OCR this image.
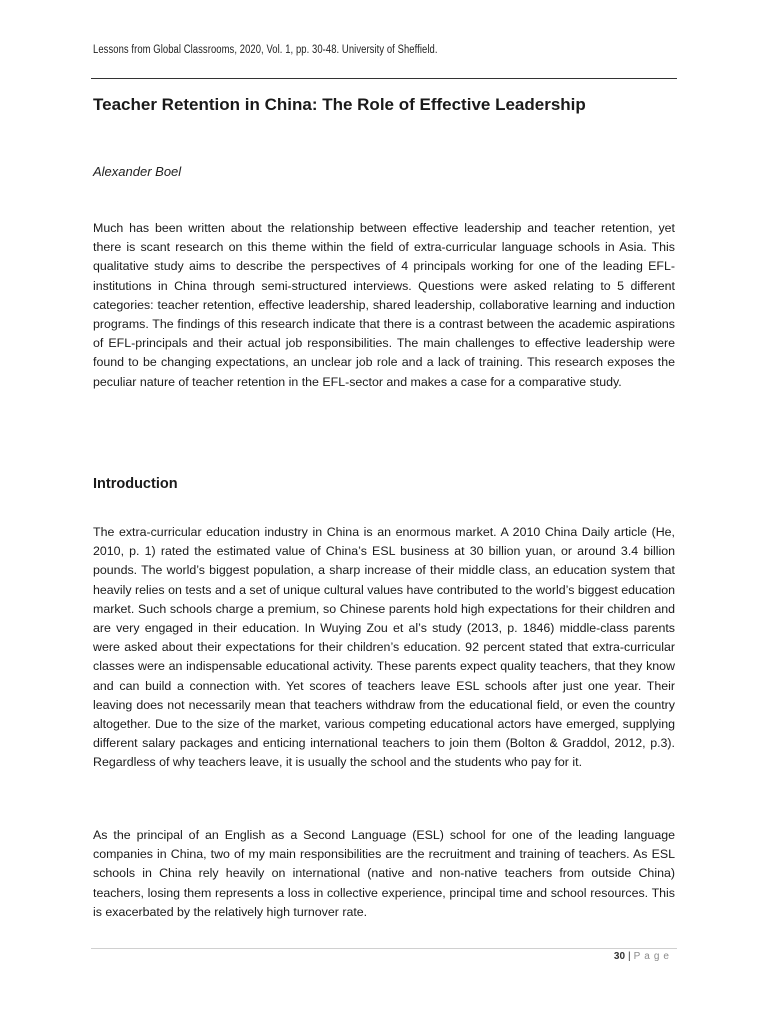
Lessons from Global Classrooms, 2020, Vol. 1, pp. 30-48. University of Sheffield.
Teacher Retention in China: The Role of Effective Leadership
Alexander Boel

Much has been written about the relationship between effective leadership and teacher retention, yet there is scant research on this theme within the field of extra-curricular language schools in Asia. This qualitative study aims to describe the perspectives of 4 principals working for one of the leading EFL-institutions in China through semi-structured interviews. Questions were asked relating to 5 different categories: teacher retention, effective leadership, shared leadership, collaborative learning and induction programs. The findings of this research indicate that there is a contrast between the academic aspirations of EFL-principals and their actual job responsibilities. The main challenges to effective leadership were found to be changing expectations, an unclear job role and a lack of training. This research exposes the peculiar nature of teacher retention in the EFL-sector and makes a case for a comparative study.

Introduction

The extra-curricular education industry in China is an enormous market. A 2010 China Daily article (He, 2010, p. 1) rated the estimated value of China’s ESL business at 30 billion yuan, or around 3.4 billion pounds. The world’s biggest population, a sharp increase of their middle class, an education system that heavily relies on tests and a set of unique cultural values have contributed to the world’s biggest education market. Such schools charge a premium, so Chinese parents hold high expectations for their children and are very engaged in their education. In Wuying Zou et al’s study (2013, p. 1846) middle-class parents were asked about their expectations for their children’s education. 92 percent stated that extra-curricular classes were an indispensable educational activity. These parents expect quality teachers, that they know and can build a connection with. Yet scores of teachers leave ESL schools after just one year. Their leaving does not necessarily mean that teachers withdraw from the educational field, or even the country altogether. Due to the size of the market, various competing educational actors have emerged, supplying different salary packages and enticing international teachers to join them (Bolton & Graddol, 2012, p.3). Regardless of why teachers leave, it is usually the school and the students who pay for it.

As the principal of an English as a Second Language (ESL) school for one of the leading language companies in China, two of my main responsibilities are the recruitment and training of teachers. As ESL schools in China rely heavily on international (native and non-native teachers from outside China) teachers, losing them represents a loss in collective experience, principal time and school resources. This is exacerbated by the relatively high turnover rate.

30 | Page
